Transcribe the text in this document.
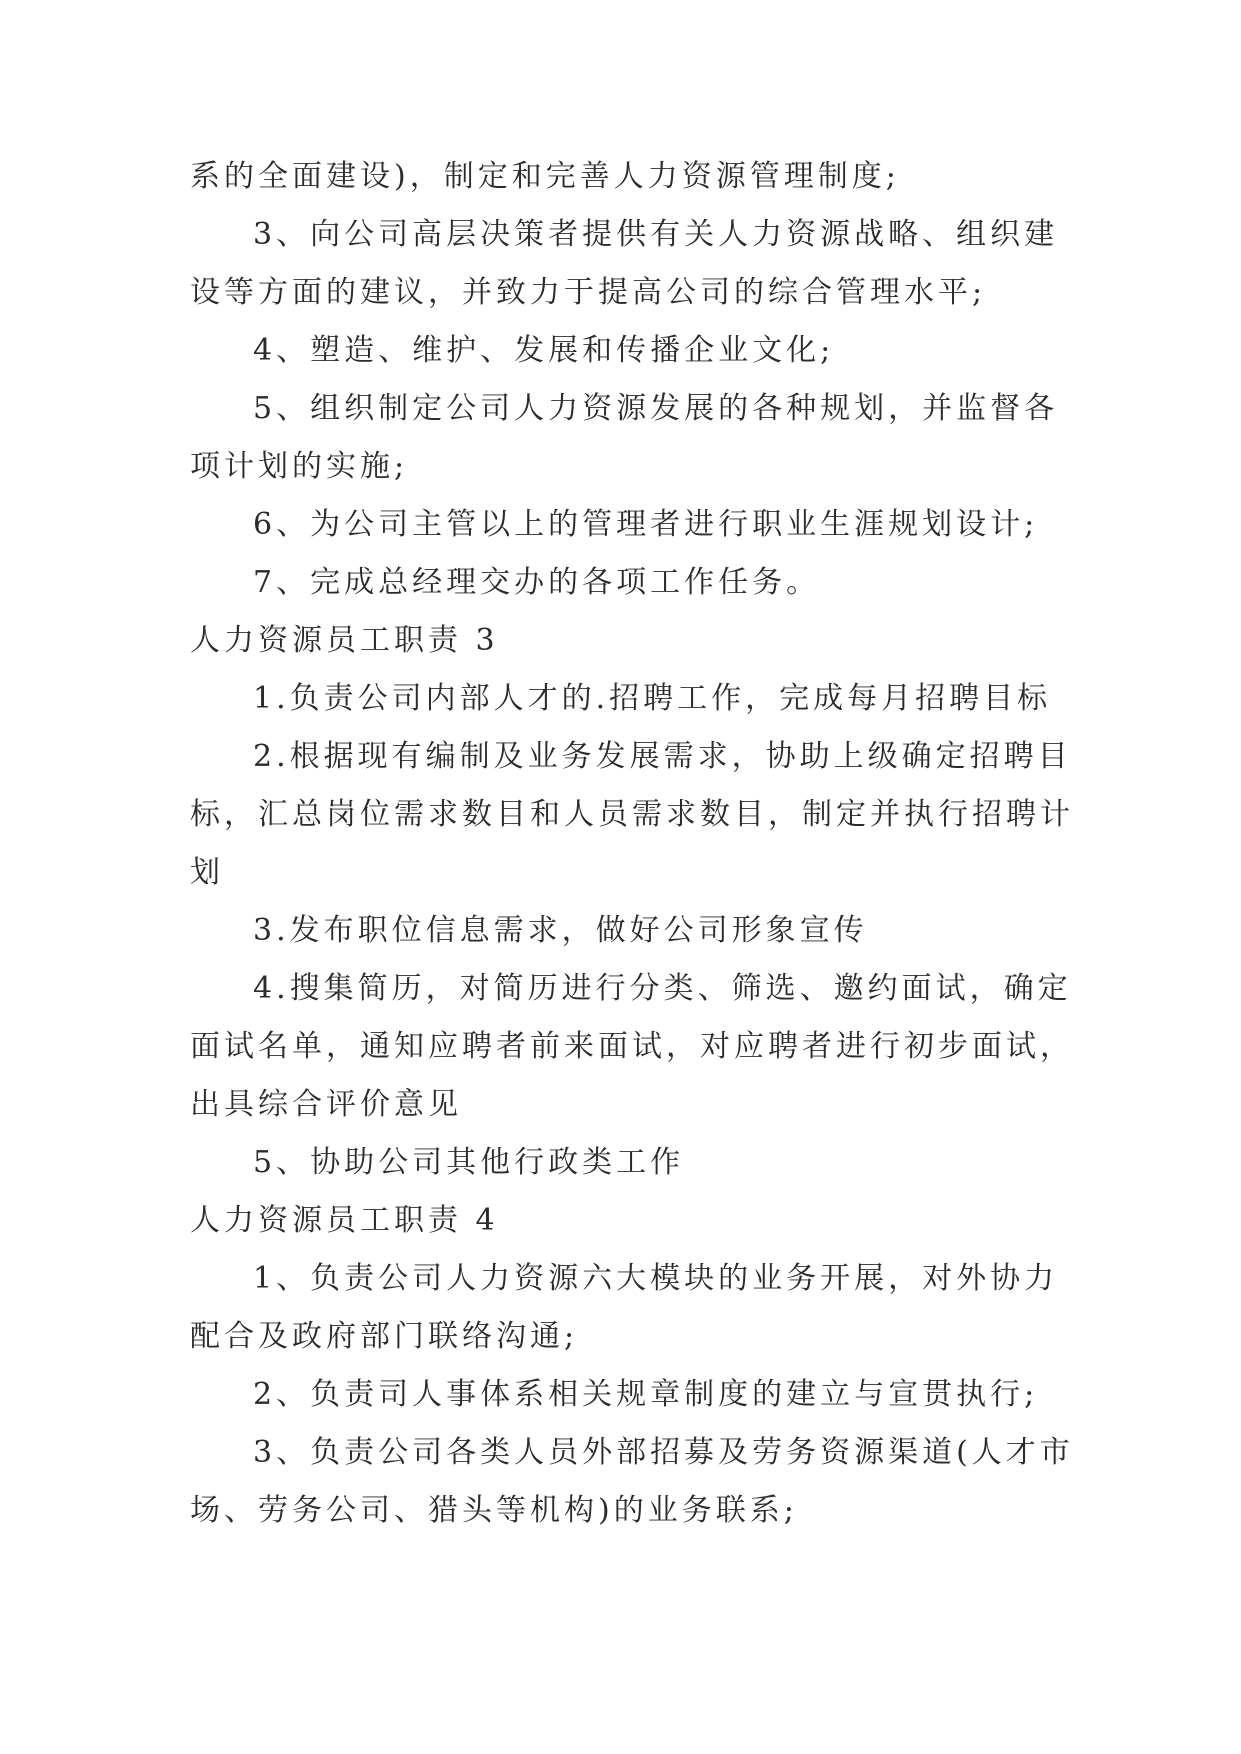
系的全面建设)，制定和完善人力资源管理制度;
3、向公司高层决策者提供有关人力资源战略、组织建
设等方面的建议，并致力于提高公司的综合管理水平;
4、塑造、维护、发展和传播企业文化;
5、组织制定公司人力资源发展的各种规划，并监督各
项计划的实施;
6、为公司主管以上的管理者进行职业生涯规划设计;
7、完成总经理交办的各项工作任务。
人力资源员工职责 3
1.负责公司内部人才的.招聘工作，完成每月招聘目标
2.根据现有编制及业务发展需求，协助上级确定招聘目
标，汇总岗位需求数目和人员需求数目，制定并执行招聘计
划
3.发布职位信息需求，做好公司形象宣传
4.搜集简历，对简历进行分类、筛选、邀约面试，确定
面试名单，通知应聘者前来面试，对应聘者进行初步面试，
出具综合评价意见
5、协助公司其他行政类工作
人力资源员工职责 4
1、负责公司人力资源六大模块的业务开展，对外协力
配合及政府部门联络沟通;
2、负责司人事体系相关规章制度的建立与宣贯执行;
3、负责公司各类人员外部招募及劳务资源渠道(人才市
场、劳务公司、猎头等机构)的业务联系;
